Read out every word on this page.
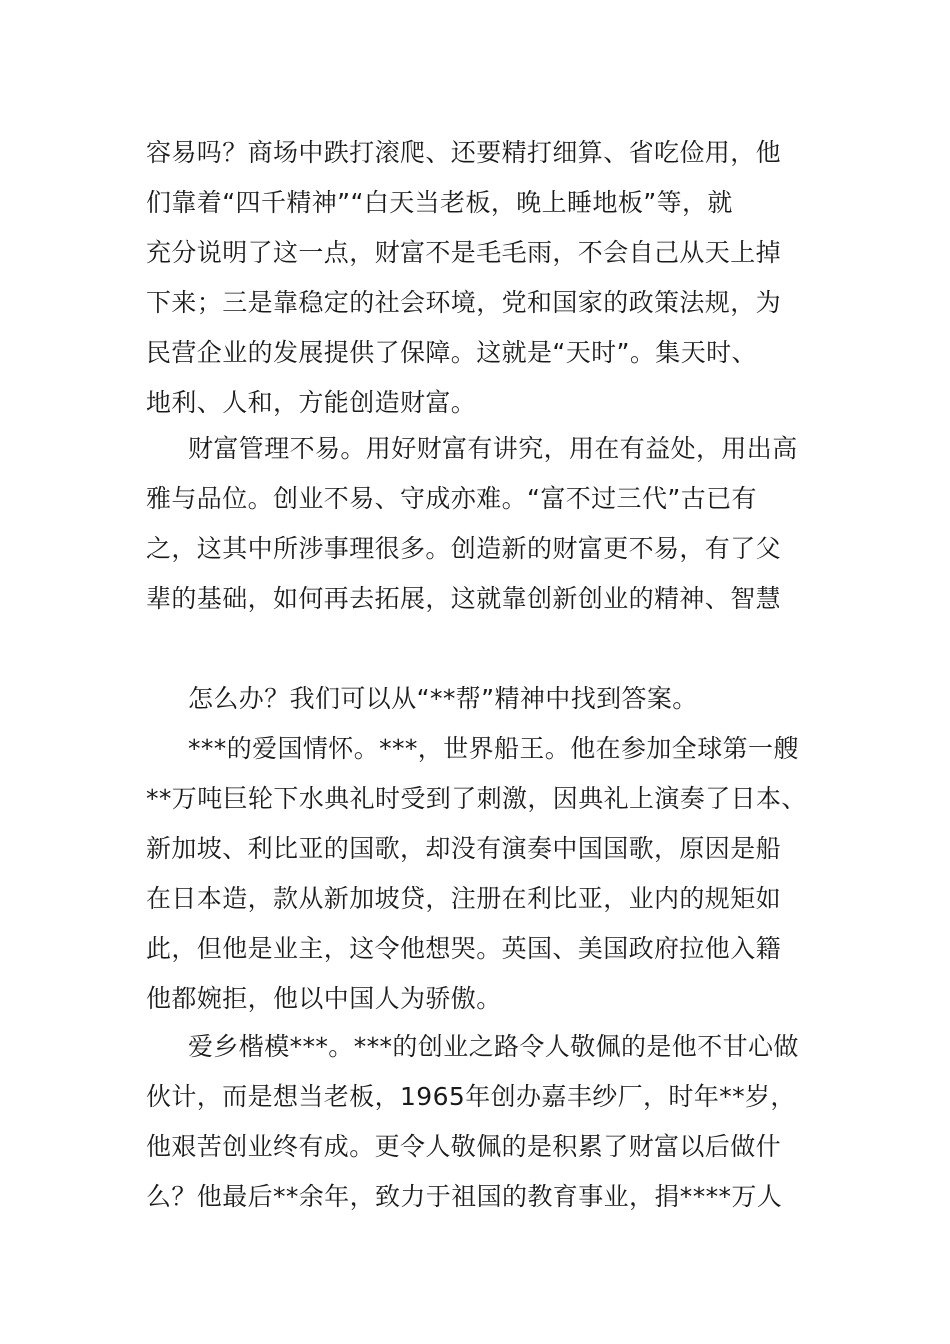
容易吗？商场中跌打滚爬、还要精打细算、省吃俭用，他
们靠着“四千精神”“白天当老板，晚上睡地板”等，就
充分说明了这一点，财富不是毛毛雨，不会自己从天上掉
下来；三是靠稳定的社会环境，党和国家的政策法规，为
民营企业的发展提供了保障。这就是“天时”。集天时、
地利、人和，方能创造财富。
财富管理不易。用好财富有讲究，用在有益处，用出高
雅与品位。创业不易、守成亦难。“富不过三代”古已有
之，这其中所涉事理很多。创造新的财富更不易，有了父
辈的基础，如何再去拓展，这就靠创新创业的精神、智慧
怎么办？我们可以从“**帮”精神中找到答案。
***的爱国情怀。***，世界船王。他在参加全球第一艘
**万吨巨轮下水典礼时受到了刺激，因典礼上演奏了日本、
新加坡、利比亚的国歌，却没有演奏中国国歌，原因是船
在日本造，款从新加坡贷，注册在利比亚，业内的规矩如
此，但他是业主，这令他想哭。英国、美国政府拉他入籍
他都婉拒，他以中国人为骄傲。
爱乡楷模***。***的创业之路令人敬佩的是他不甘心做
伙计，而是想当老板，1965年创办嘉丰纱厂，时年**岁，
他艰苦创业终有成。更令人敬佩的是积累了财富以后做什
么？他最后**余年，致力于祖国的教育事业，捐****万人
